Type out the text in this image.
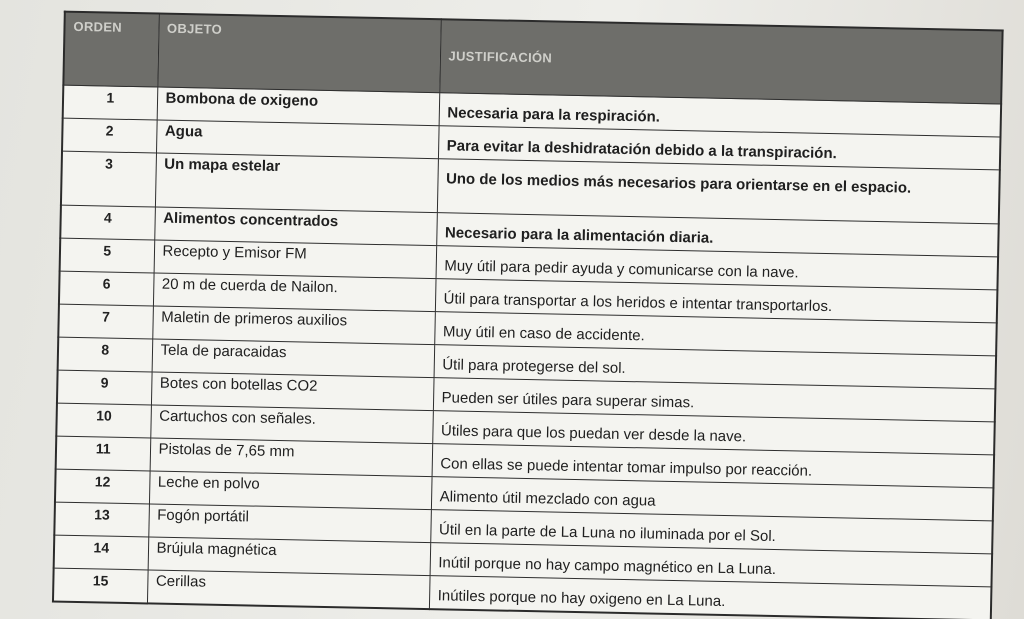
ORDEN	OBJETO	JUSTIFICACIÓN
1	Bombona de oxigeno	Necesaria para la respiración.
2	Agua	Para evitar la deshidratación debido a la transpiración.
3	Un mapa estelar	Uno de los medios más necesarios para orientarse en el espacio.
4	Alimentos concentrados	Necesario para la alimentación diaria.
5	Recepto y Emisor FM	Muy útil para pedir ayuda y comunicarse con la nave.
6	20 m de cuerda de Nailon.	Útil para transportar a los heridos e intentar transportarlos.
7	Maletin de primeros auxilios	Muy útil en caso de accidente.
8	Tela de paracaidas	Útil para protegerse del sol.
9	Botes con botellas CO2	Pueden ser útiles para superar simas.
10	Cartuchos con señales.	Útiles para que los puedan ver desde la nave.
11	Pistolas de 7,65 mm	Con ellas se puede intentar tomar impulso por reacción.
12	Leche en polvo	Alimento útil mezclado con agua
13	Fogón portátil	Útil en la parte de La Luna no iluminada por el Sol.
14	Brújula magnética	Inútil porque no hay campo magnético en La Luna.
15	Cerillas	Inútiles porque no hay oxigeno en La Luna.
